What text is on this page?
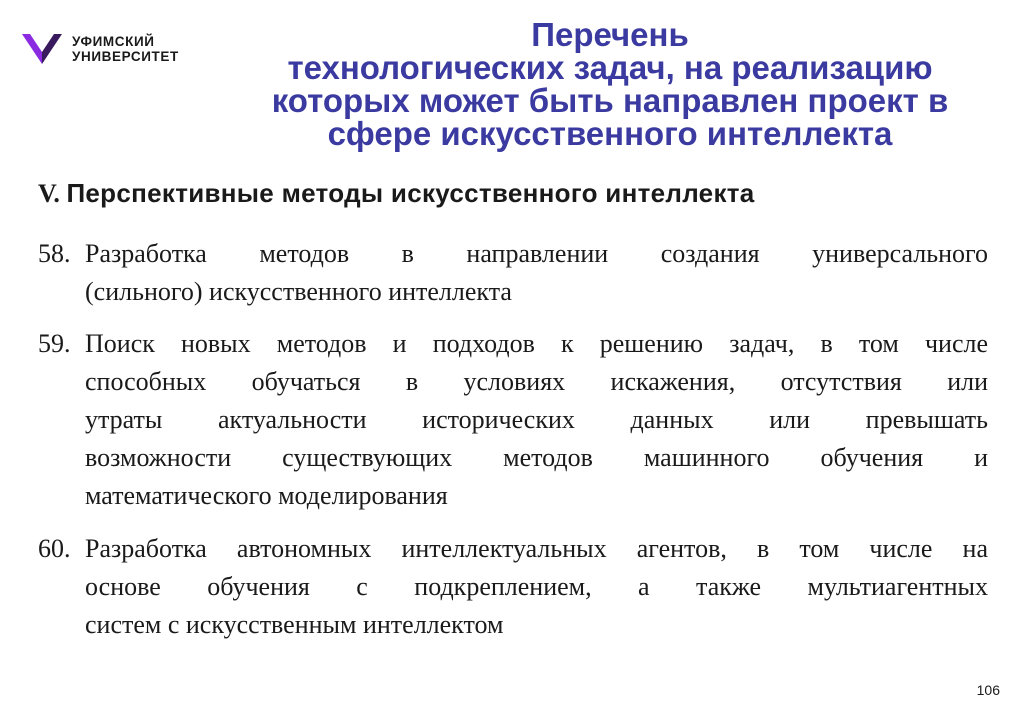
УФИМСКИЙ
УНИВЕРСИТЕТ
Перечень
технологических задач, на реализацию
которых может быть направлен проект в
сфере искусственного интеллекта
V. Перспективные методы искусственного интеллекта
58. Разработка методов в направлении создания универсального
(сильного) искусственного интеллекта
59. Поиск новых методов и подходов к решению задач, в том числе
способных обучаться в условиях искажения, отсутствия или
утраты актуальности исторических данных или превышать
возможности существующих методов машинного обучения и
математического моделирования
60. Разработка автономных интеллектуальных агентов, в том числе на
основе обучения с подкреплением, а также мультиагентных
систем с искусственным интеллектом
106
